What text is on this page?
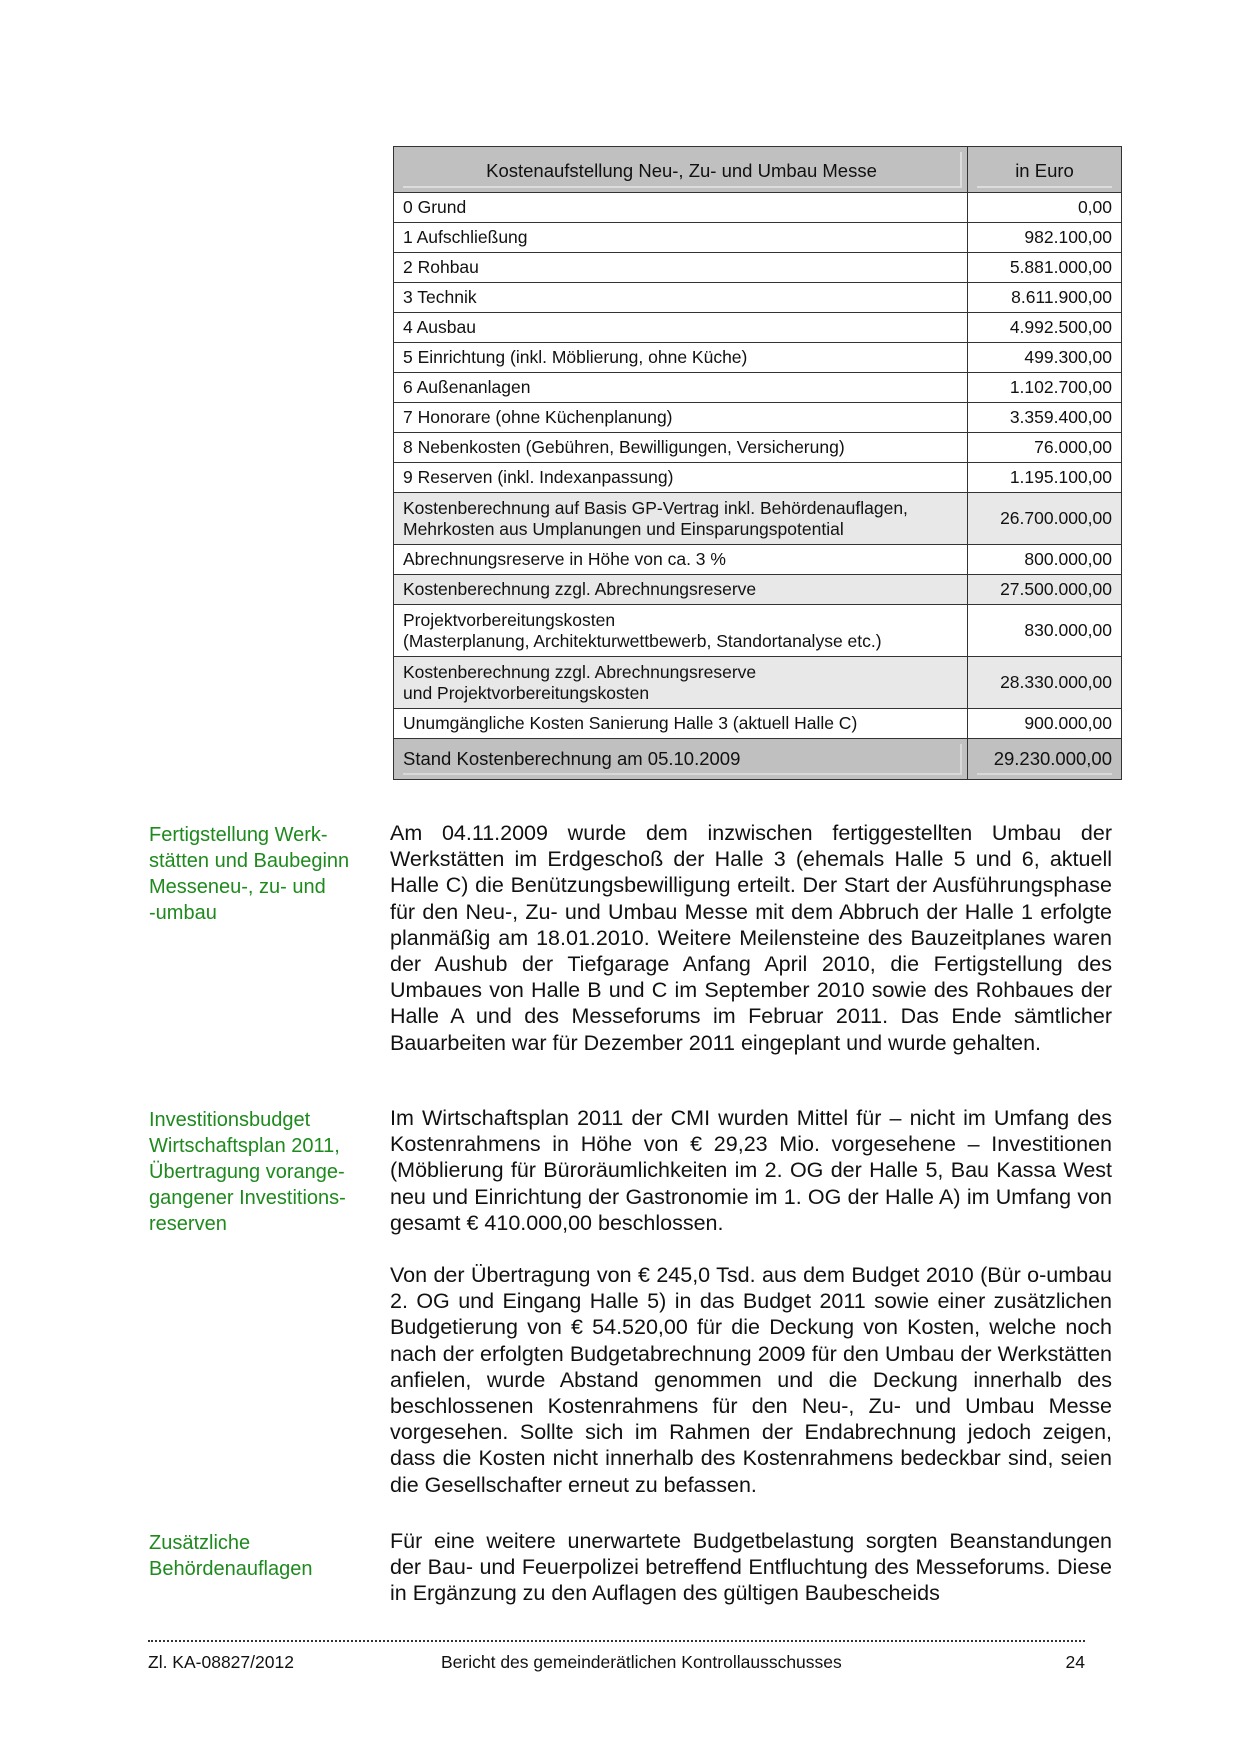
Kostenaufstellung Neu-, Zu- und Umbau Messe	in Euro

0 Grund	0,00
1 Aufschließung	982.100,00
2 Rohbau	5.881.000,00
3 Technik	8.611.900,00
4 Ausbau	4.992.500,00
5 Einrichtung (inkl. Möblierung, ohne Küche)	499.300,00
6 Außenanlagen	1.102.700,00
7 Honorare (ohne Küchenplanung)	3.359.400,00
8 Nebenkosten (Gebühren, Bewilligungen, Versicherung)	76.000,00
9 Reserven (inkl. Indexanpassung)	1.195.100,00
Kostenberechnung auf Basis GP-Vertrag inkl. Behördenauflagen,
Mehrkosten aus Umplanungen und Einsparungspotential	26.700.000,00
Abrechnungsreserve in Höhe von ca. 3 %	800.000,00
Kostenberechnung zzgl. Abrechnungsreserve	27.500.000,00
Projektvorbereitungskosten
(Masterplanung, Architekturwettbewerb, Standortanalyse etc.)	830.000,00
Kostenberechnung zzgl. Abrechnungsreserve
und Projektvorbereitungskosten	28.330.000,00
Unumgängliche Kosten Sanierung Halle 3 (aktuell Halle C)	900.000,00

Stand Kostenberechnung am 05.10.2009	29.230.000,00
Fertigstellung Werk-
stätten und Baubeginn
Messeneu-, zu- und
-umbau

Am 04.11.2009 wurde dem inzwischen fertiggestellten Umbau der Werkstätten im Erdgeschoß der Halle 3 (ehemals Halle 5 und 6, aktuell Halle C) die Benützungsbewilligung erteilt. Der Start der Ausführungsphase für den Neu-, Zu- und Umbau Messe mit dem Abbruch der Halle 1 erfolgte planmäßig am 18.01.2010. Weitere Meilensteine des Bauzeitplanes waren der Aushub der Tiefgarage Anfang April 2010, die Fertigstellung des Umbaues von Halle B und C im September 2010 sowie des Rohbaues der Halle A und des Messeforums im Februar 2011. Das Ende sämtlicher Bauarbeiten war für Dezember 2011 eingeplant und wurde gehalten.

Investitionsbudget
Wirtschaftsplan 2011,
Übertragung vorange-
gangener Investitions-
reserven

Im Wirtschaftsplan 2011 der CMI wurden Mittel für – nicht im Umfang des Kostenrahmens in Höhe von € 29,23 Mio. vorgesehene – Investitionen (Möblierung für Büroräumlichkeiten im 2. OG der Halle 5, Bau Kassa West neu und Einrichtung der Gastronomie im 1. OG der Halle A) im Umfang von gesamt € 410.000,00 beschlossen.

Von der Übertragung von € 245,0 Tsd. aus dem Budget 2010 (Bür o-umbau 2. OG und Eingang Halle 5) in das Budget 2011 sowie einer zusätzlichen Budgetierung von € 54.520,00 für die Deckung von Kosten, welche noch nach der erfolgten Budgetabrechnung 2009 für den Umbau der Werkstätten anfielen, wurde Abstand genommen und die Deckung innerhalb des beschlossenen Kostenrahmens für den Neu-, Zu- und Umbau Messe vorgesehen. Sollte sich im Rahmen der Endabrechnung jedoch zeigen, dass die Kosten nicht innerhalb des Kostenrahmens bedeckbar sind, seien die Gesellschafter erneut zu befassen.

Zusätzliche
Behördenauflagen

Für eine weitere unerwartete Budgetbelastung sorgten Beanstandungen der Bau- und Feuerpolizei betreffend Entfluchtung des Messeforums. Diese in Ergänzung zu den Auflagen des gültigen Baubescheids

Zl. KA-08827/2012	Bericht des gemeinderätlichen Kontrollausschusses	24
